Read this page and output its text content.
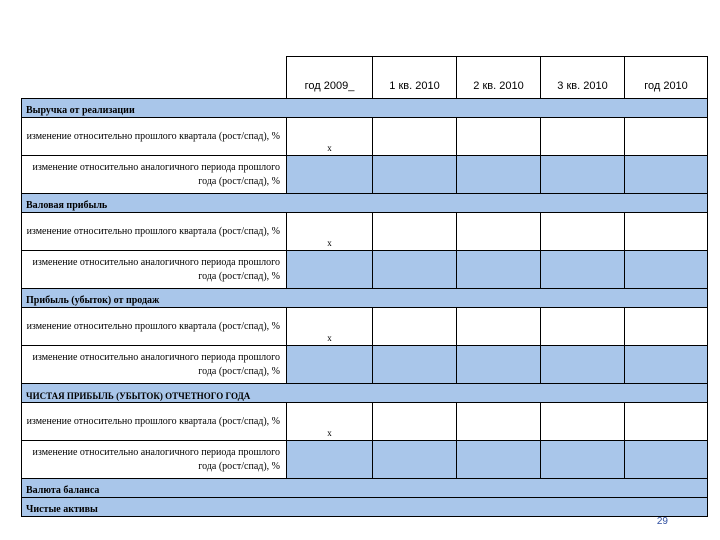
	год 2009_	1 кв. 2010	2 кв. 2010	3 кв. 2010	год 2010
Выручка от реализации					
изменение относительно прошлого квартала (рост/спад), %	x				
изменение относительно аналогичного периода прошлого года (рост/спад), %					
Валовая прибыль					
изменение относительно прошлого квартала (рост/спад), %	x				
изменение относительно аналогичного периода прошлого года (рост/спад), %					
Прибыль (убыток) от продаж					
изменение относительно прошлого квартала (рост/спад), %	x				
изменение относительно аналогичного периода прошлого года (рост/спад), %					
ЧИСТАЯ ПРИБЫЛЬ (УБЫТОК) ОТЧЕТНОГО ГОДА					
изменение относительно прошлого квартала (рост/спад), %	x				
изменение относительно аналогичного периода прошлого года (рост/спад), %					
Валюта баланса					
Чистые активы					
29
